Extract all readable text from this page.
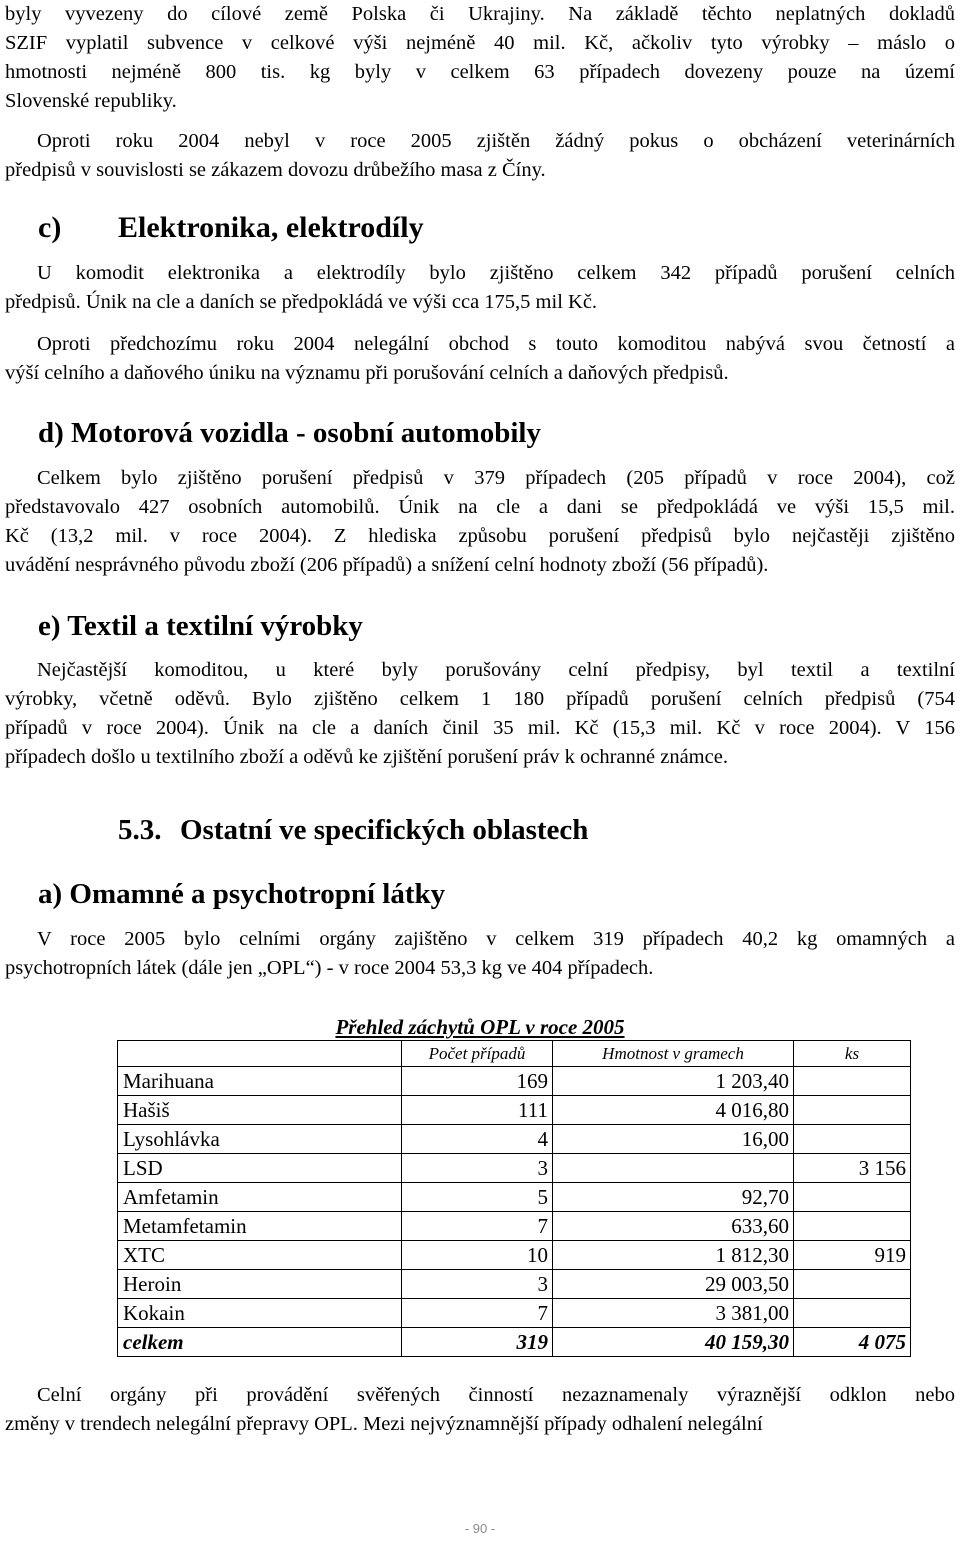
byly vyvezeny do cílové země Polska či Ukrajiny. Na základě těchto neplatných dokladů
SZIF vyplatil subvence v celkové výši nejméně 40 mil. Kč, ačkoliv tyto výrobky – máslo o
hmotnosti nejméně 800 tis. kg byly v celkem 63 případech dovezeny pouze na území
Slovenské republiky.

Oproti roku 2004 nebyl v roce 2005 zjištěn žádný pokus o obcházení veterinárních
předpisů v souvislosti se zákazem dovozu drůbežího masa z Číny.

c) Elektronika, elektrodíly

U komodit elektronika a elektrodíly bylo zjištěno celkem 342 případů porušení celních
předpisů. Únik na cle a daních se předpokládá ve výši cca 175,5 mil Kč.

Oproti předchozímu roku 2004 nelegální obchod s touto komoditou nabývá svou četností a
výší celního a daňového úniku na významu při porušování celních a daňových předpisů.

d) Motorová vozidla - osobní automobily

Celkem bylo zjištěno porušení předpisů v 379 případech (205 případů v roce 2004), což
představovalo 427 osobních automobilů. Únik na cle a dani se předpokládá ve výši 15,5 mil.
Kč (13,2 mil. v roce 2004). Z hlediska způsobu porušení předpisů bylo nejčastěji zjištěno
uvádění nesprávného původu zboží (206 případů) a snížení celní hodnoty zboží (56 případů).

e) Textil a textilní výrobky

Nejčastější komoditou, u které byly porušovány celní předpisy, byl textil a textilní
výrobky, včetně oděvů. Bylo zjištěno celkem 1 180 případů porušení celních předpisů (754
případů v roce 2004). Únik na cle a daních činil 35 mil. Kč (15,3 mil. Kč v roce 2004). V 156
případech došlo u textilního zboží a oděvů ke zjištění porušení práv k ochranné známce.

5.3. Ostatní ve specifických oblastech
a) Omamné a psychotropní látky

V roce 2005 bylo celními orgány zajištěno v celkem 319 případech 40,2 kg omamných a
psychotropních látek (dále jen „OPL“) - v roce 2004 53,3 kg ve 404 případech.

Přehled záchytů OPL v roce 2005
	Počet případů	Hmotnost v gramech	ks
Marihuana	169	1 203,40	
Hašiš	111	4 016,80	
Lysohlávka	4	16,00	
LSD	3		3 156
Amfetamin	5	92,70	
Metamfetamin	7	633,60	
XTC	10	1 812,30	919
Heroin	3	29 003,50	
Kokain	7	3 381,00	
celkem	319	40 159,30	4 075

Celní orgány při provádění svěřených činností nezaznamenaly výraznější odklon nebo
změny v trendech nelegální přepravy OPL. Mezi nejvýznamnější případy odhalení nelegální

- 90 -
